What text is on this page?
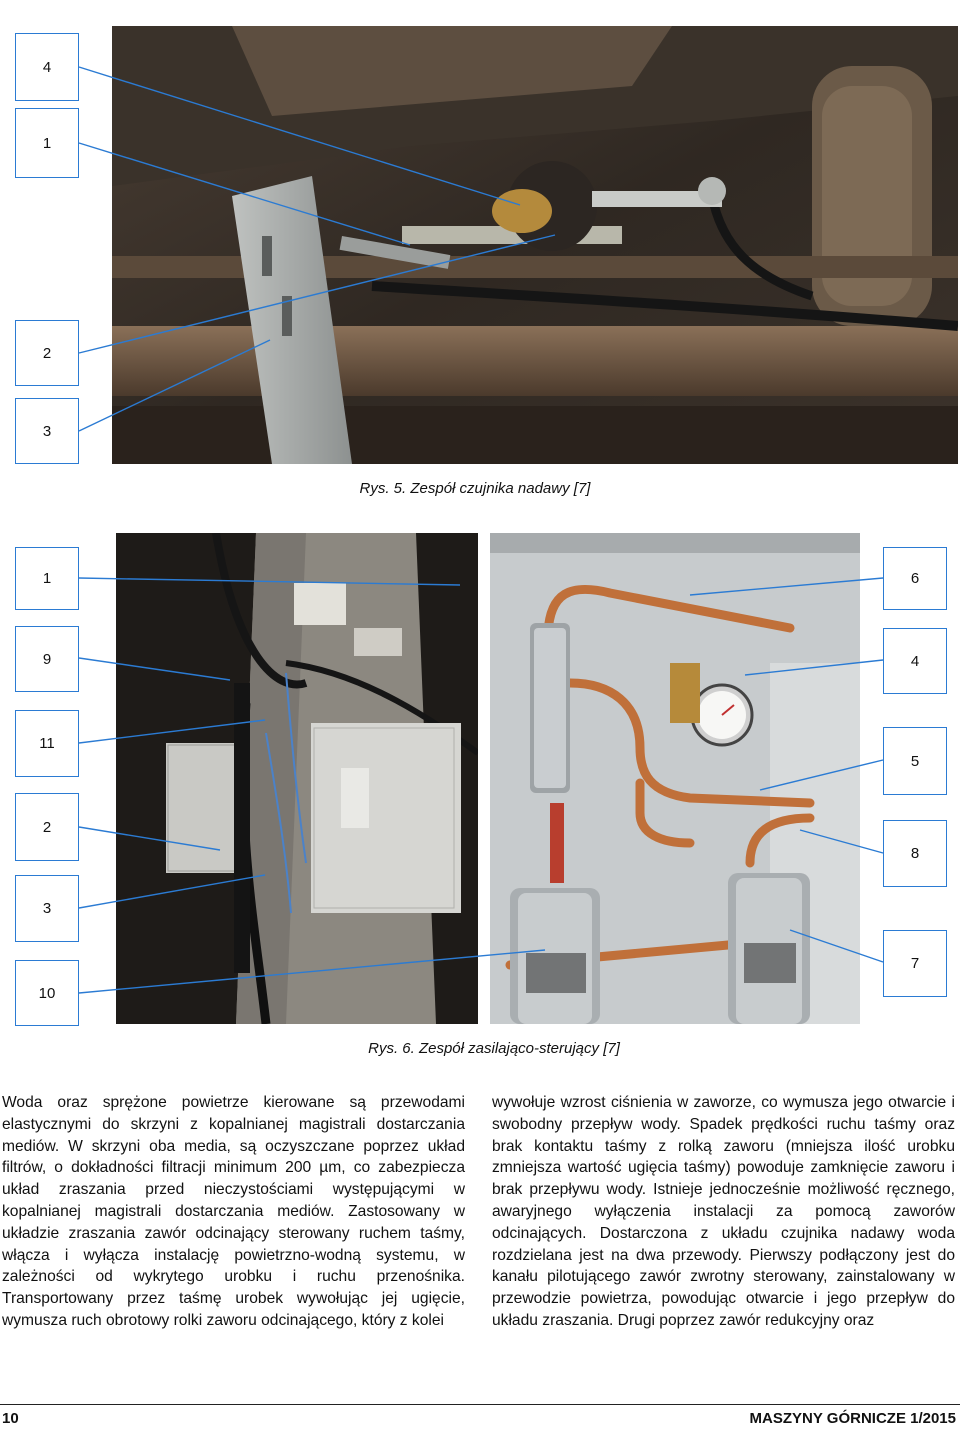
4
1
2
3
Rys. 5. Zespół czujnika nadawy [7]
1
9
11
2
3
10
6
4
5
8
7
Rys. 6. Zespół zasilająco-sterujący [7]

Woda oraz sprężone powietrze kierowane są przewodami elastycznymi do skrzyni z kopalnianej magistrali dostarczania mediów. W skrzyni oba media, są oczyszczane poprzez układ filtrów, o dokładności filtracji minimum 200 µm, co zabezpiecza układ zraszania przed nieczystościami występującymi w kopalnianej magistrali dostarczania mediów. Zastosowany w układzie zraszania zawór odcinający sterowany ruchem taśmy, włącza i wyłącza instalację powietrzno-wodną systemu, w zależności od wykrytego urobku i ruchu przenośnika. Transportowany przez taśmę urobek wywołując jej ugięcie, wymusza ruch obrotowy rolki zaworu odcinającego, który z kolei

wywołuje wzrost ciśnienia w zaworze, co wymusza jego otwarcie i swobodny przepływ wody. Spadek prędkości ruchu taśmy oraz brak kontaktu taśmy z rolką zaworu (mniejsza ilość urobku zmniejsza wartość ugięcia taśmy) powoduje zamknięcie zaworu i brak przepływu wody. Istnieje jednocześnie możliwość ręcznego, awaryjnego wyłączenia instalacji za pomocą zaworów odcinających. Dostarczona z układu czujnika nadawy woda rozdzielana jest na dwa przewody. Pierwszy podłączony jest do kanału pilotującego zawór zwrotny sterowany, zainstalowany w przewodzie powietrza, powodując otwarcie i jego przepływ do układu zraszania. Drugi poprzez zawór redukcyjny oraz

10	MASZYNY GÓRNICZE 1/2015
